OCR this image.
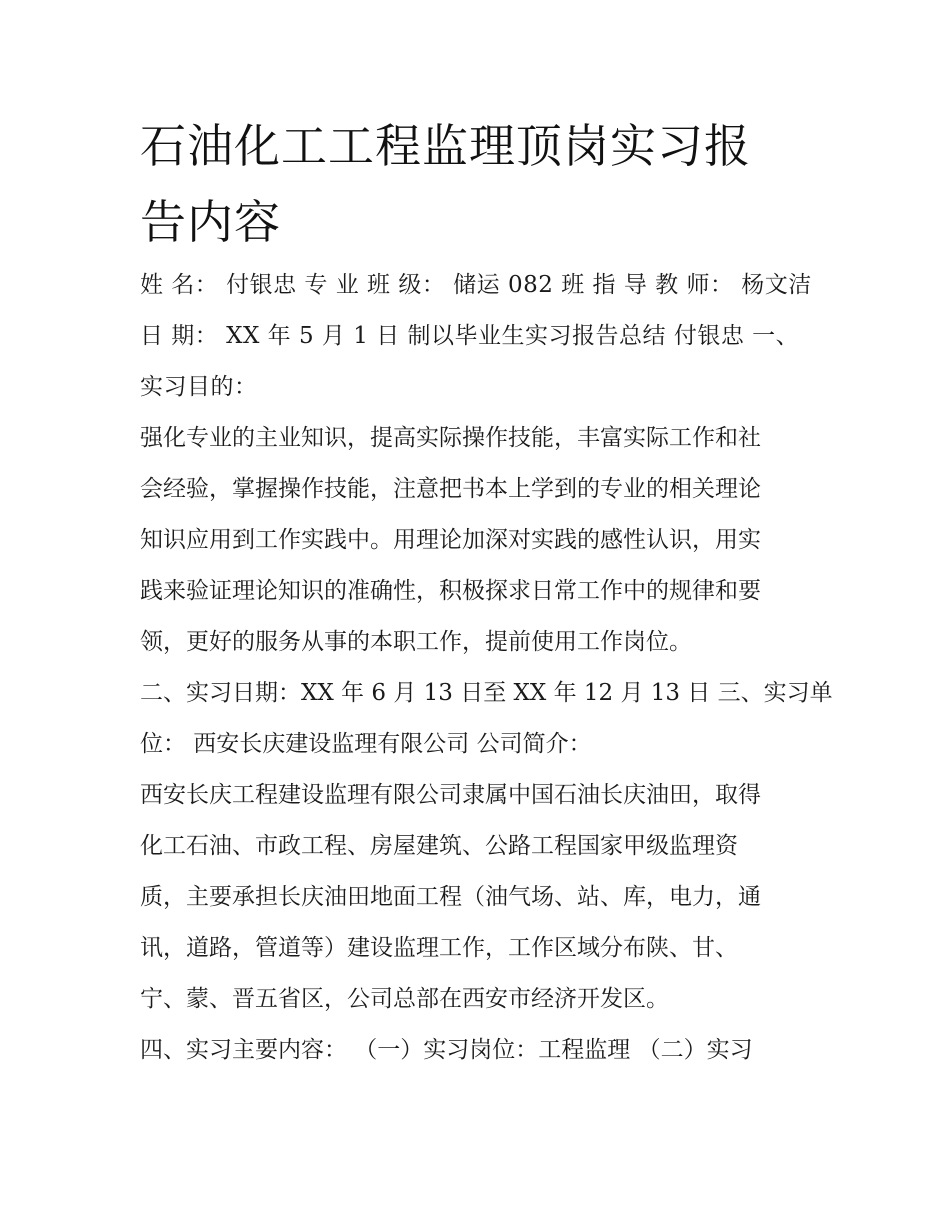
石油化工工程监理顶岗实习报
告内容

姓 名： 付银忠 专 业 班 级： 储运 082 班 指 导 教 师： 杨文洁
日 期： XX 年 5 月 1 日 制以毕业生实习报告总结 付银忠 一、
实习目的：

强化专业的主业知识，提高实际操作技能，丰富实际工作和社
会经验，掌握操作技能，注意把书本上学到的专业的相关理论
知识应用到工作实践中。用理论加深对实践的感性认识，用实
践来验证理论知识的准确性，积极探求日常工作中的规律和要
领，更好的服务从事的本职工作，提前使用工作岗位。

二、实习日期：XX 年 6 月 13 日至 XX 年 12 月 13 日 三、实习单
位： 西安长庆建设监理有限公司 公司简介：

西安长庆工程建设监理有限公司隶属中国石油长庆油田，取得
化工石油、市政工程、房屋建筑、公路工程国家甲级监理资
质，主要承担长庆油田地面工程（油气场、站、库，电力，通
讯，道路，管道等）建设监理工作，工作区域分布陕、甘、
宁、蒙、晋五省区，公司总部在西安市经济开发区。

四、实习主要内容： （一）实习岗位：工程监理 （二）实习
